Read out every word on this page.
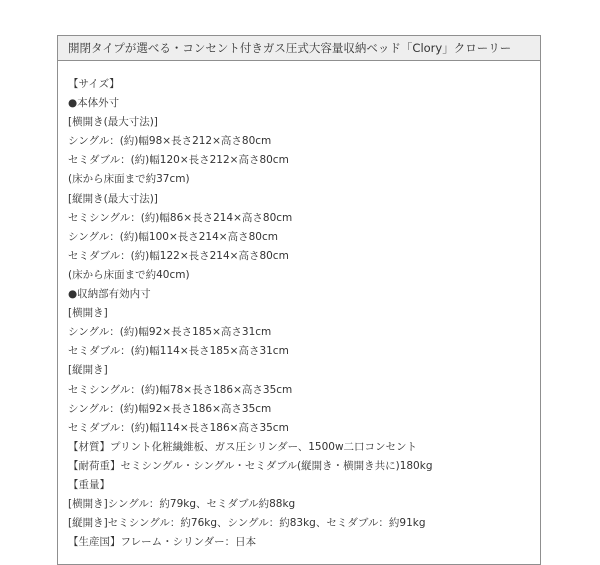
開閉タイプが選べる・コンセント付きガス圧式大容量収納ベッド「Clory」クローリー
【サイズ】
●本体外寸
[横開き(最大寸法)]
シングル：(約)幅98×長さ212×高さ80cm
セミダブル：(約)幅120×長さ212×高さ80cm
(床から床面まで約37cm)
[縦開き(最大寸法)]
セミシングル：(約)幅86×長さ214×高さ80cm
シングル：(約)幅100×長さ214×高さ80cm
セミダブル：(約)幅122×長さ214×高さ80cm
(床から床面まで約40cm)
●収納部有効内寸
[横開き]
シングル：(約)幅92×長さ185×高さ31cm
セミダブル：(約)幅114×長さ185×高さ31cm
[縦開き]
セミシングル：(約)幅78×長さ186×高さ35cm
シングル：(約)幅92×長さ186×高さ35cm
セミダブル：(約)幅114×長さ186×高さ35cm
【材質】プリント化粧繊維板、ガス圧シリンダー、1500w二口コンセント
【耐荷重】セミシングル・シングル・セミダブル(縦開き・横開き共に)180kg
【重量】
[横開き]シングル：約79kg、セミダブル約88kg
[縦開き]セミシングル：約76kg、シングル：約83kg、セミダブル：約91kg
【生産国】フレーム・シリンダー：日本
